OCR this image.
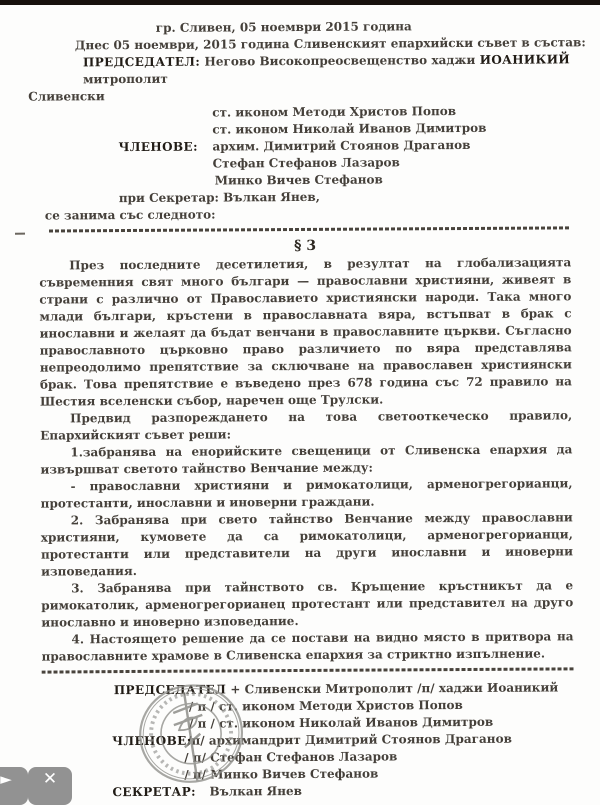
гр. Сливен, 05 ноември 2015 година
Днес 05 ноември, 2015 година Сливенският епархийски съвет в състав:
ПРЕДСЕДАТЕЛ: Негово Високопреосвещенство хаджи ИОАНИКИЙ митрополит
Сливенски
ст. иконом Методи Христов Попов
ст. иконом Николай Иванов Димитров
ЧЛЕНОВЕ: архим. Димитрий Стоянов Драганов
Стефан Стефанов Лазаров
Минко Вичев Стефанов
при Секретар: Вълкан Янев,
се занима със следното:

§ 3

През последните десетилетия, в резултат на глобализацията съвременния свят много българи — православни християни, живеят в страни с различно от Православието християнски народи. Така много млади българи, кръстени в православната вяра, встъпват в брак с инославни и желаят да бъдат венчани в православните църкви. Съгласно православното църковно право различието по вяра представлява непреодолимо препятствие за сключване на православен християнски брак. Това препятствие е въведено през 678 година със 72 правило на Шестия вселенски събор, наречен още Трулски.

Предвид разпореждането на това светооткеческо правило, Епархийският съвет реши:

1.забранява на енорийските свещеници от Сливенска епархия да извършват светото тайнство Венчание между:

- православни християни и римокатолици, арменогрегорианци, протестанти, инославни и иноверни граждани.

2. Забранява при свето тайнство Венчание между православни християни, кумовете да са римокатолици, арменогрегорианци, протестанти или представители на други инославни и иноверни изповедания.

3. Забранява при тайнството св. Кръщение кръстникът да е римокатолик, арменогрегорианец протестант или представител на друго инославно и иноверно изповедание.

4. Настоящето решение да се постави на видно място в притвора на православните храмове в Сливенска епархия за стриктно изпълнение.

ПРЕДСЕДАТЕЛ + Сливенски Митрополит /п/ хаджи Иоаникий
/ п / ст. иконом Методи Христов Попов
/ п / ст. иконом Николай Иванов Димитров
ЧЛЕНОВЕ:
/п/ архимандрит Димитрий Стоянов Драганов
/ п/ Стефан Стефанов Лазаров
/ п/ Минко Вичев Стефанов
СЕКРЕТАР: Вълкан Янев
► ✕
